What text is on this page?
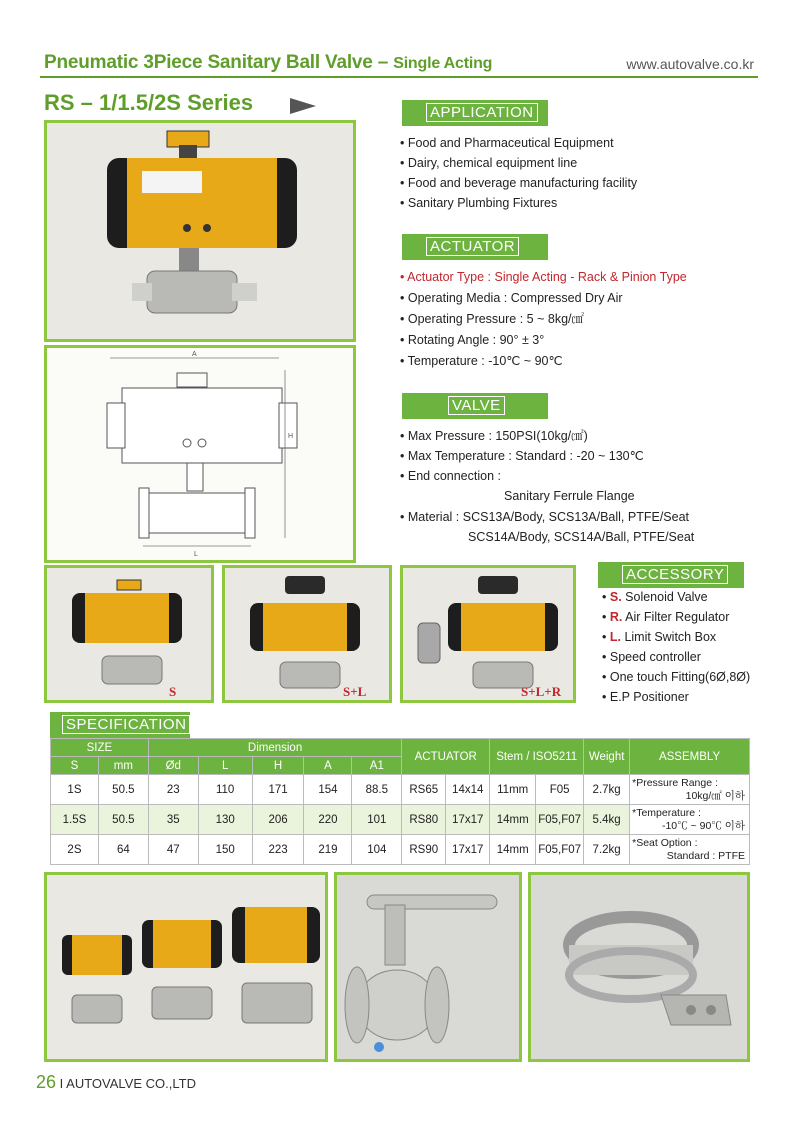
Pneumatic 3Piece Sanitary Ball Valve – Single Acting	www.autovalve.co.kr
RS – 1/1.5/2S Series
A
H
L
APPLICATION
• Food and Pharmaceutical Equipment
• Dairy, chemical equipment line
• Food and beverage manufacturing facility
• Sanitary Plumbing Fixtures
ACTUATOR
• Actuator Type : Single Acting - Rack & Pinion Type
• Operating Media : Compressed Dry Air
• Operating Pressure : 5 ~ 8kg/㎠
• Rotating Angle : 90° ± 3°
• Temperature : -10℃ ~ 90℃
VALVE
• Max Pressure : 150PSI(10kg/㎠)
• Max Temperature : Standard : -20 ~ 130℃
• End connection :
Sanitary Ferrule Flange
• Material : SCS13A/Body, SCS13A/Ball, PTFE/Seat
SCS14A/Body, SCS14A/Ball, PTFE/Seat
S	S+L	S+L+R
ACCESSORY
• S. Solenoid Valve
• R. Air Filter Regulator
• L. Limit Switch Box
• Speed controller
• One touch Fitting(6Ø,8Ø)
• E.P Positioner
SPECIFICATION
SIZE		Dimension					ACTUATOR		Stem / ISO5211		Weight	ASSEMBLY
S	mm	Ød	L	H	A	A1						
1S	50.5	23	110	171	154	88.5	RS65	14x14	11mm	F05	2.7kg	*Pressure Range :
10kg/㎠ 이하

1.5S	50.5	35	130	206	220	101	RS80	17x17	14mm	F05,F07	5.4kg	*Temperature :
-10℃ ~ 90℃ 이하

2S	64	47	150	223	219	104	RS90	17x17	14mm	F05,F07	7.2kg	*Seat Option :
Standard : PTFE
26 I AUTOVALVE CO.,LTD
